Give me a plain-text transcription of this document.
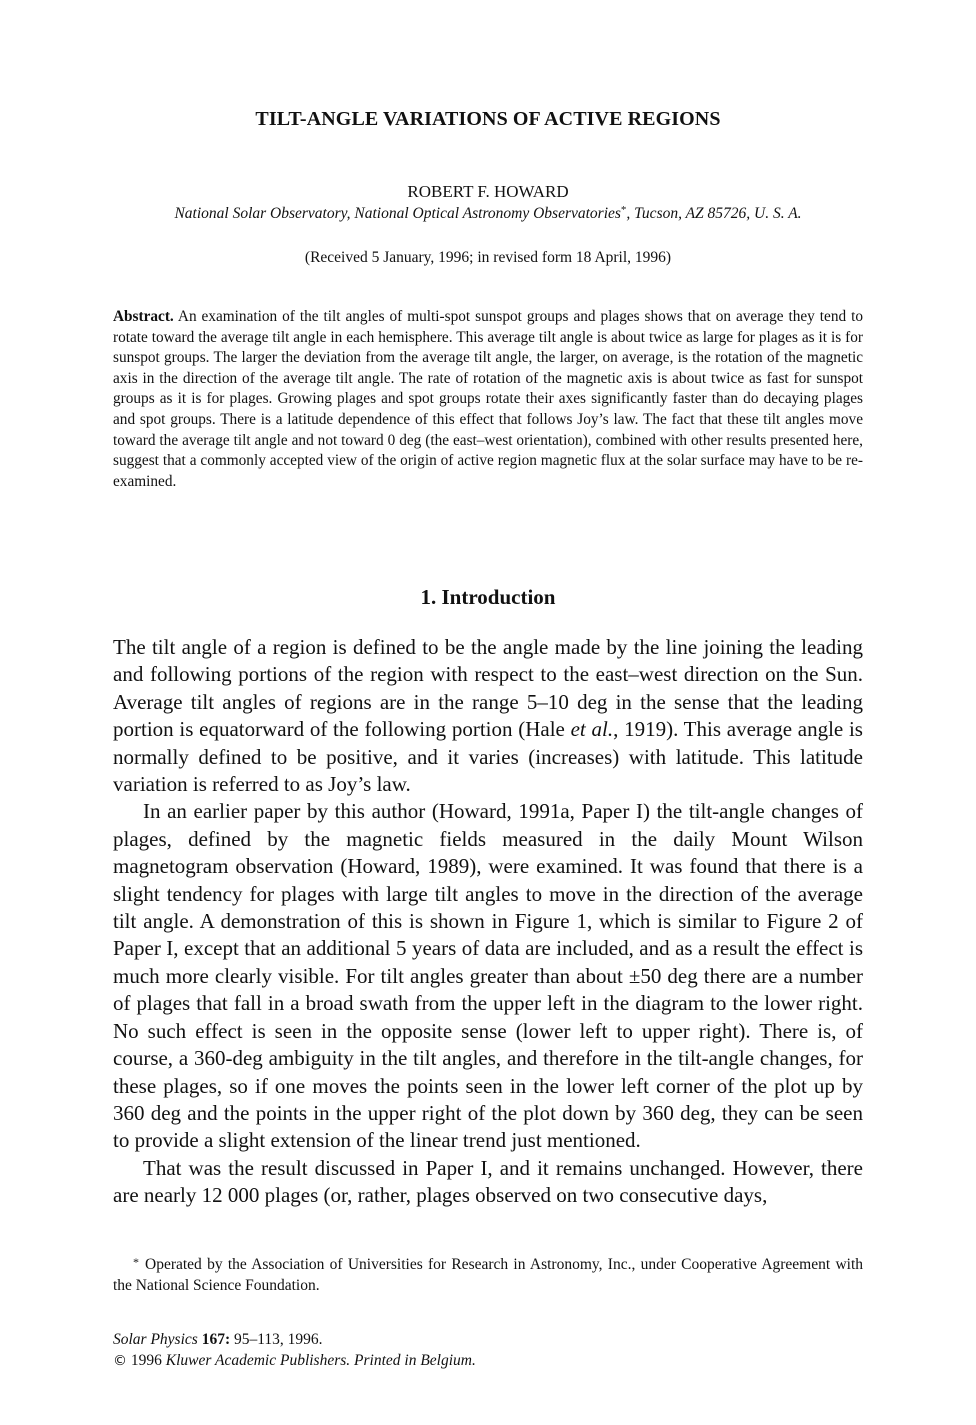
TILT-ANGLE VARIATIONS OF ACTIVE REGIONS

ROBERT F. HOWARD

National Solar Observatory, National Optical Astronomy Observatories*, Tucson, AZ 85726, U. S. A.

(Received 5 January, 1996; in revised form 18 April, 1996)

Abstract. An examination of the tilt angles of multi-spot sunspot groups and plages shows that on average they tend to rotate toward the average tilt angle in each hemisphere. This average tilt angle is about twice as large for plages as it is for sunspot groups. The larger the deviation from the average tilt angle, the larger, on average, is the rotation of the magnetic axis in the direction of the average tilt angle. The rate of rotation of the magnetic axis is about twice as fast for sunspot groups as it is for plages. Growing plages and spot groups rotate their axes significantly faster than do decaying plages and spot groups. There is a latitude dependence of this effect that follows Joy’s law. The fact that these tilt angles move toward the average tilt angle and not toward 0 deg (the east–west orientation), combined with other results presented here, suggest that a commonly accepted view of the origin of active region magnetic flux at the solar surface may have to be re-examined.

1. Introduction

The tilt angle of a region is defined to be the angle made by the line joining the leading and following portions of the region with respect to the east–west direction on the Sun. Average tilt angles of regions are in the range 5–10 deg in the sense that the leading portion is equatorward of the following portion (Hale et al., 1919). This average angle is normally defined to be positive, and it varies (increases) with latitude. This latitude variation is referred to as Joy’s law.

In an earlier paper by this author (Howard, 1991a, Paper I) the tilt-angle changes of plages, defined by the magnetic fields measured in the daily Mount Wilson magnetogram observation (Howard, 1989), were examined. It was found that there is a slight tendency for plages with large tilt angles to move in the direction of the average tilt angle. A demonstration of this is shown in Figure 1, which is similar to Figure 2 of Paper I, except that an additional 5 years of data are included, and as a result the effect is much more clearly visible. For tilt angles greater than about ±50 deg there are a number of plages that fall in a broad swath from the upper left in the diagram to the lower right. No such effect is seen in the opposite sense (lower left to upper right). There is, of course, a 360-deg ambiguity in the tilt angles, and therefore in the tilt-angle changes, for these plages, so if one moves the points seen in the lower left corner of the plot up by 360 deg and the points in the upper right of the plot down by 360 deg, they can be seen to provide a slight extension of the linear trend just mentioned.

That was the result discussed in Paper I, and it remains unchanged. However, there are nearly 12 000 plages (or, rather, plages observed on two consecutive days,

* Operated by the Association of Universities for Research in Astronomy, Inc., under Cooperative Agreement with the National Science Foundation.

Solar Physics 167: 95–113, 1996.
© 1996 Kluwer Academic Publishers. Printed in Belgium.
